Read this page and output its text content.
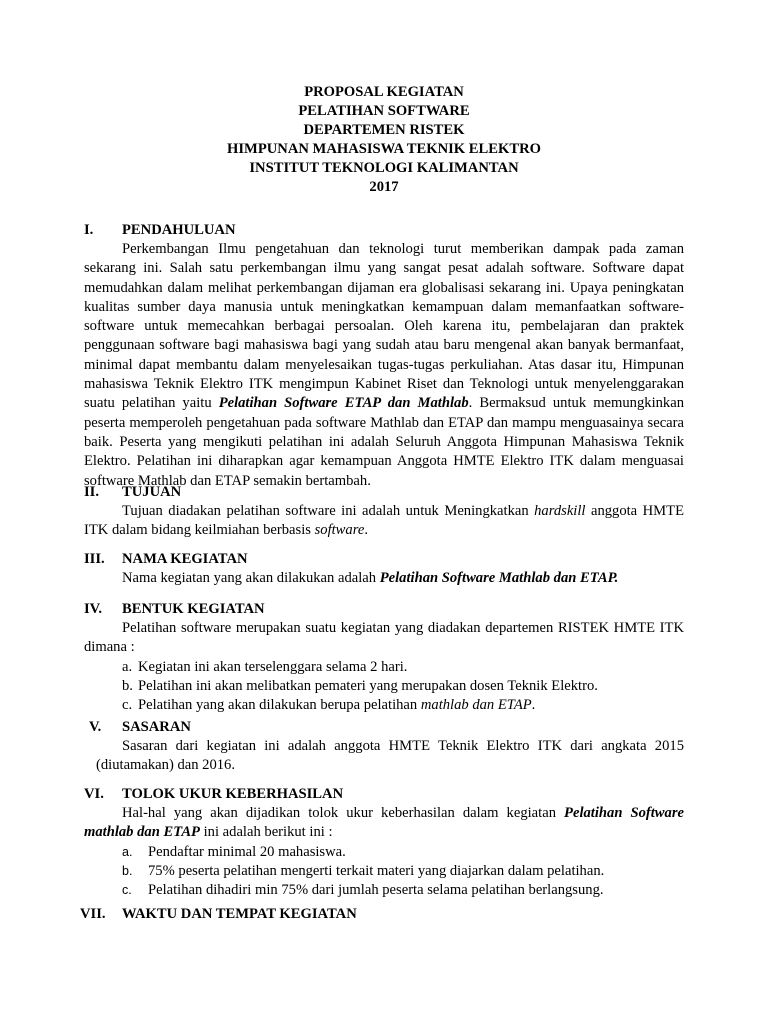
PROPOSAL KEGIATAN
PELATIHAN SOFTWARE
DEPARTEMEN RISTEK
HIMPUNAN MAHASISWA TEKNIK ELEKTRO
INSTITUT TEKNOLOGI KALIMANTAN
2017
I. PENDAHULUAN

Perkembangan Ilmu pengetahuan dan teknologi turut memberikan dampak pada zaman sekarang ini. Salah satu perkembangan ilmu yang sangat pesat adalah software. Software dapat memudahkan dalam melihat perkembangan dijaman era globalisasi sekarang ini. Upaya peningkatan kualitas sumber daya manusia untuk meningkatkan kemampuan dalam memanfaatkan software-software untuk memecahkan berbagai persoalan. Oleh karena itu, pembelajaran dan praktek penggunaan software bagi mahasiswa bagi yang sudah atau baru mengenal akan banyak bermanfaat, minimal dapat membantu dalam menyelesaikan tugas-tugas perkuliahan. Atas dasar itu, Himpunan mahasiswa Teknik Elektro ITK mengimpun Kabinet Riset dan Teknologi untuk menyelenggarakan suatu pelatihan yaitu Pelatihan Software ETAP dan Mathlab. Bermaksud untuk memungkinkan peserta memperoleh pengetahuan pada software Mathlab dan ETAP dan mampu menguasainya secara baik. Peserta yang mengikuti pelatihan ini adalah Seluruh Anggota Himpunan Mahasiswa Teknik Elektro. Pelatihan ini diharapkan agar kemampuan Anggota HMTE Elektro ITK dalam menguasai software Mathlab dan ETAP semakin bertambah.

II. TUJUAN

Tujuan diadakan pelatihan software ini adalah untuk Meningkatkan hardskill anggota HMTE ITK dalam bidang keilmiahan berbasis software.

III. NAMA KEGIATAN

Nama kegiatan yang akan dilakukan adalah Pelatihan Software Mathlab dan ETAP.

IV. BENTUK KEGIATAN

Pelatihan software merupakan suatu kegiatan yang diadakan departemen RISTEK HMTE ITK dimana :

a. Kegiatan ini akan terselenggara selama 2 hari.
b. Pelatihan ini akan melibatkan pemateri yang merupakan dosen Teknik Elektro.
c. Pelatihan yang akan dilakukan berupa pelatihan mathlab dan ETAP.
V. SASARAN

Sasaran dari kegiatan ini adalah anggota HMTE Teknik Elektro ITK dari angkata 2015 (diutamakan) dan 2016.

VI. TOLOK UKUR KEBERHASILAN

Hal-hal yang akan dijadikan tolok ukur keberhasilan dalam kegiatan Pelatihan Software mathlab dan ETAP ini adalah berikut ini :

a. Pendaftar minimal 20 mahasiswa.
b. 75% peserta pelatihan mengerti terkait materi yang diajarkan dalam pelatihan.
c. Pelatihan dihadiri min 75% dari jumlah peserta selama pelatihan berlangsung.
VII. WAKTU DAN TEMPAT KEGIATAN
